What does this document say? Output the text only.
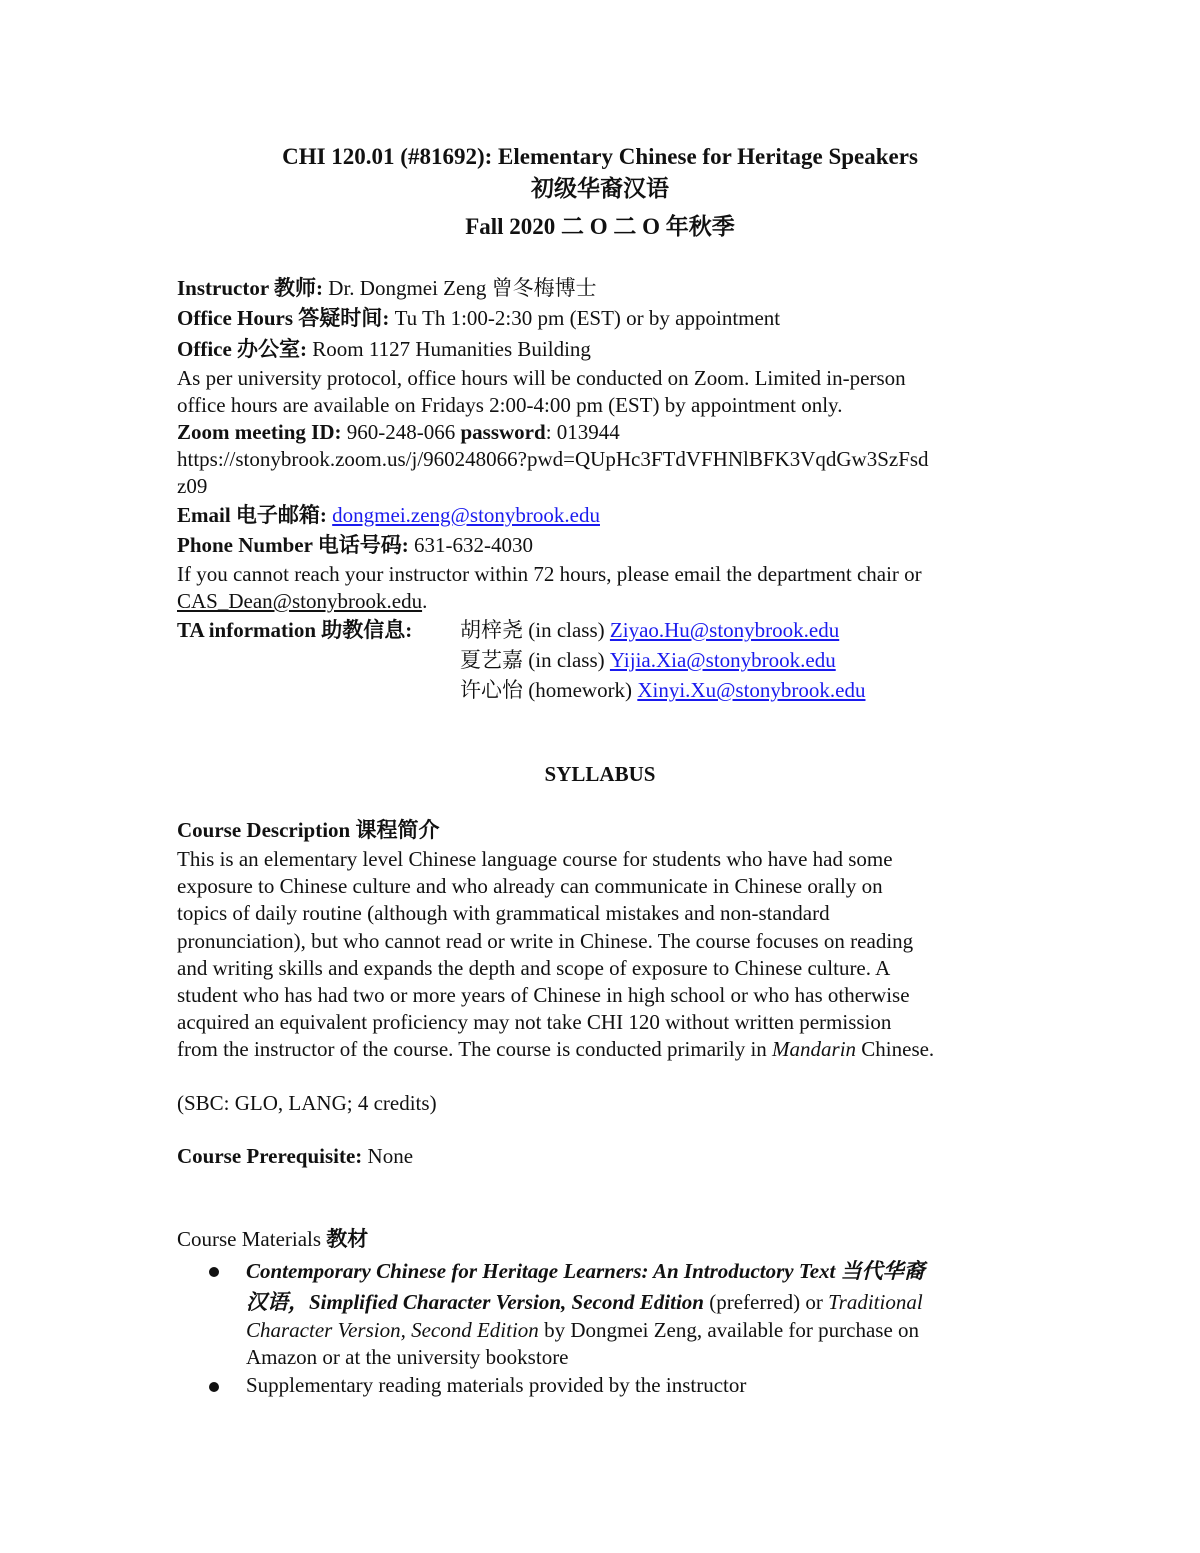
CHI 120.01 (#81692): Elementary Chinese for Heritage Speakers
初级华裔汉语
Fall 2020 二 O 二 O 年秋季
Instructor 教师: Dr. Dongmei Zeng 曾冬梅博士
Office Hours 答疑时间: Tu Th 1:00-2:30 pm (EST) or by appointment
Office 办公室: Room 1127 Humanities Building
As per university protocol, office hours will be conducted on Zoom. Limited in-person
office hours are available on Fridays 2:00-4:00 pm (EST) by appointment only.
Zoom meeting ID: 960-248-066 password: 013944
https://stonybrook.zoom.us/j/960248066?pwd=QUpHc3FTdVFHNlBFK3VqdGw3SzFsd
z09
Email 电子邮箱: dongmei.zeng@stonybrook.edu
Phone Number 电话号码: 631-632-4030
If you cannot reach your instructor within 72 hours, please email the department chair or
CAS_Dean@stonybrook.edu.
TA information 助教信息:	胡梓尧 (in class) Ziyao.Hu@stonybrook.edu
夏艺嘉 (in class) Yijia.Xia@stonybrook.edu
许心怡 (homework) Xinyi.Xu@stonybrook.edu
SYLLABUS
Course Description 课程简介
This is an elementary level Chinese language course for students who have had some
exposure to Chinese culture and who already can communicate in Chinese orally on
topics of daily routine (although with grammatical mistakes and non-standard
pronunciation), but who cannot read or write in Chinese. The course focuses on reading
and writing skills and expands the depth and scope of exposure to Chinese culture. A
student who has had two or more years of Chinese in high school or who has otherwise
acquired an equivalent proficiency may not take CHI 120 without written permission
from the instructor of the course. The course is conducted primarily in Mandarin Chinese.
(SBC: GLO, LANG; 4 credits)
Course Prerequisite: None
Course Materials 教材
Contemporary Chinese for Heritage Learners: An Introductory Text 当代华裔
汉语，Simplified Character Version, Second Edition (preferred) or Traditional
Character Version, Second Edition by Dongmei Zeng, available for purchase on
Amazon or at the university bookstore
Supplementary reading materials provided by the instructor
